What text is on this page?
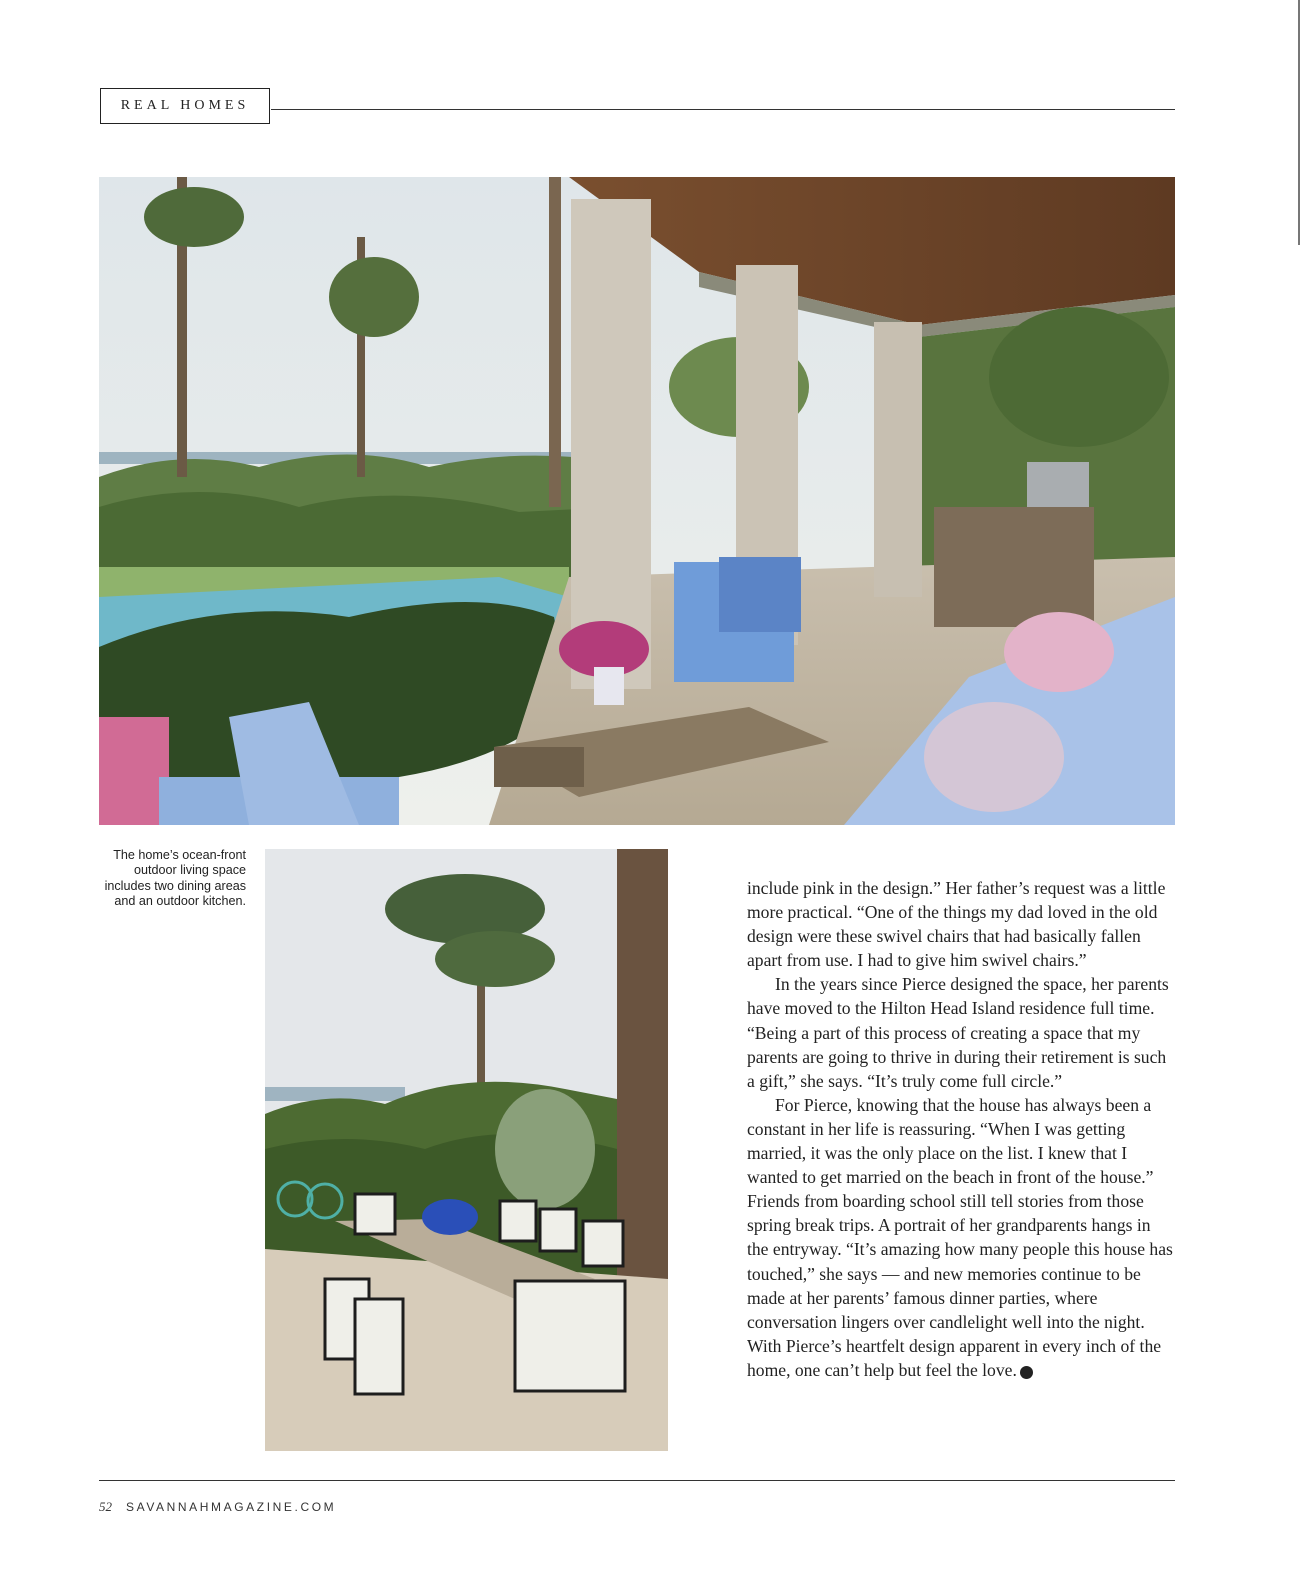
REAL HOMES
The home’s ocean-front outdoor living space includes two dining areas and an outdoor kitchen.

include pink in the design.” Her father’s request was a little more practical. “One of the things my dad loved in the old design were these swivel chairs that had basically fallen apart from use. I had to give him swivel chairs.”

In the years since Pierce designed the space, her parents have moved to the Hilton Head Island residence full time. “Being a part of this process of creating a space that my parents are going to thrive in during their retirement is such a gift,” she says. “It’s truly come full circle.”

For Pierce, knowing that the house has always been a constant in her life is reassuring. “When I was getting married, it was the only place on the list. I knew that I wanted to get married on the beach in front of the house.” Friends from boarding school still tell stories from those spring break trips. A portrait of her grandparents hangs in the entryway. “It’s amazing how many people this house has touched,” she says — and new memories continue to be made at her parents’ famous dinner parties, where conversation lingers over candlelight well into the night. With Pierce’s heartfelt design apparent in every inch of the home, one can’t help but feel the love.	S

52 SAVANNAHMAGAZINE.COM
